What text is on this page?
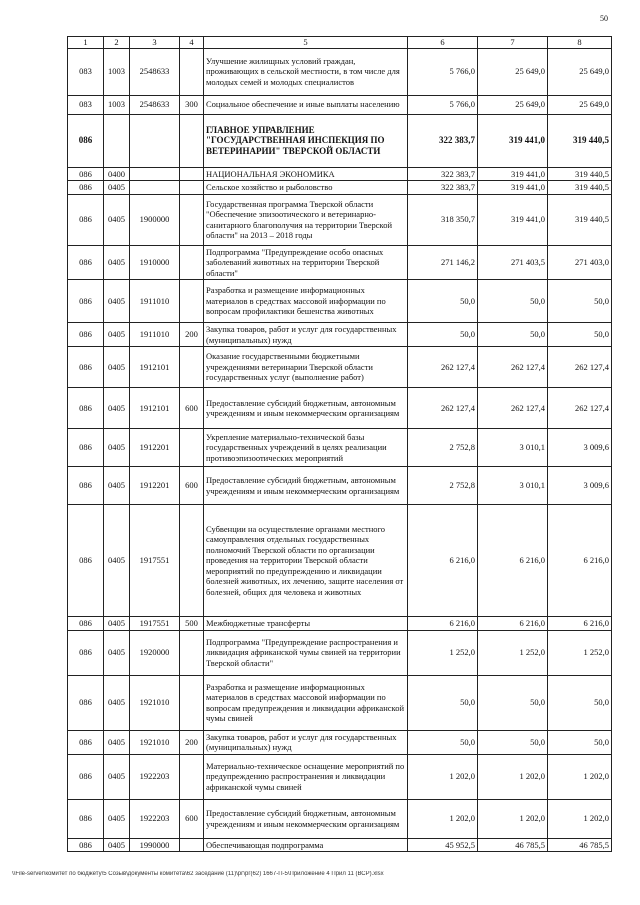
50
1	2	3	4	5	6	7	8
083	1003	2548633		Улучшение жилищных условий граждан, проживающих в сельской местности, в том числе для молодых семей и молодых специалистов	5 766,0	25 649,0	25 649,0
083	1003	2548633	300	Социальное обеспечение и иные выплаты населению	5 766,0	25 649,0	25 649,0
086				ГЛАВНОЕ УПРАВЛЕНИЕ "ГОСУДАРСТВЕННАЯ ИНСПЕКЦИЯ ПО ВЕТЕРИНАРИИ" ТВЕРСКОЙ ОБЛАСТИ	322 383,7	319 441,0	319 440,5
086	0400			НАЦИОНАЛЬНАЯ ЭКОНОМИКА	322 383,7	319 441,0	319 440,5
086	0405			Сельское хозяйство и рыболовство	322 383,7	319 441,0	319 440,5
086	0405	1900000		Государственная программа Тверской области "Обеспечение эпизоотического и ветеринарно-санитарного благополучия на территории Тверской области" на 2013 – 2018 годы	318 350,7	319 441,0	319 440,5
086	0405	1910000		Подпрограмма "Предупреждение особо опасных заболеваний животных на территории Тверской области"	271 146,2	271 403,5	271 403,0
086	0405	1911010		Разработка и размещение информационных материалов в средствах массовой информации по вопросам профилактики бешенства животных	50,0	50,0	50,0
086	0405	1911010	200	Закупка товаров, работ и услуг для государственных (муниципальных) нужд	50,0	50,0	50,0
086	0405	1912101		Оказание государственными бюджетными учреждениями ветеринарии Тверской области государственных услуг (выполнение работ)	262 127,4	262 127,4	262 127,4
086	0405	1912101	600	Предоставление субсидий бюджетным, автономным учреждениям и иным некоммерческим организациям	262 127,4	262 127,4	262 127,4
086	0405	1912201		Укрепление материально-технической базы государственных учреждений в целях реализации противоэпизоотических мероприятий	2 752,8	3 010,1	3 009,6
086	0405	1912201	600	Предоставление субсидий бюджетным, автономным учреждениям и иным некоммерческим организациям	2 752,8	3 010,1	3 009,6
086	0405	1917551		Субвенции на осуществление органами местного самоуправления отдельных государственных полномочий Тверской области по организации проведения на территории Тверской области мероприятий по предупреждению и ликвидации болезней животных, их лечению, защите населения от болезней, общих для человека и животных	6 216,0	6 216,0	6 216,0
086	0405	1917551	500	Межбюджетные трансферты	6 216,0	6 216,0	6 216,0
086	0405	1920000		Подпрограмма "Предупреждение распространения и ликвидация африканской чумы свиней на территории Тверской области"	1 252,0	1 252,0	1 252,0
086	0405	1921010		Разработка и размещение информационных материалов в средствах массовой информации по вопросам предупреждения и ликвидации африканской чумы свиней	50,0	50,0	50,0
086	0405	1921010	200	Закупка товаров, работ и услуг для государственных (муниципальных) нужд	50,0	50,0	50,0
086	0405	1922203		Материально-техническое оснащение мероприятий по предупреждению распространения и ликвидации африканской чумы свиней	1 202,0	1 202,0	1 202,0
086	0405	1922203	600	Предоставление субсидий бюджетным, автономным учреждениям и иным некоммерческим организациям	1 202,0	1 202,0	1 202,0
086	0405	1990000		Обеспечивающая подпрограмма	45 952,5	46 785,5	46 785,5
\\File-server\комитет по бюджету\5 Созыв\документы комитета\62 заседание (11)\рг\рг(62) 1667-П-5\Приложение 4 Прил 11 (ВСР).xlsx
